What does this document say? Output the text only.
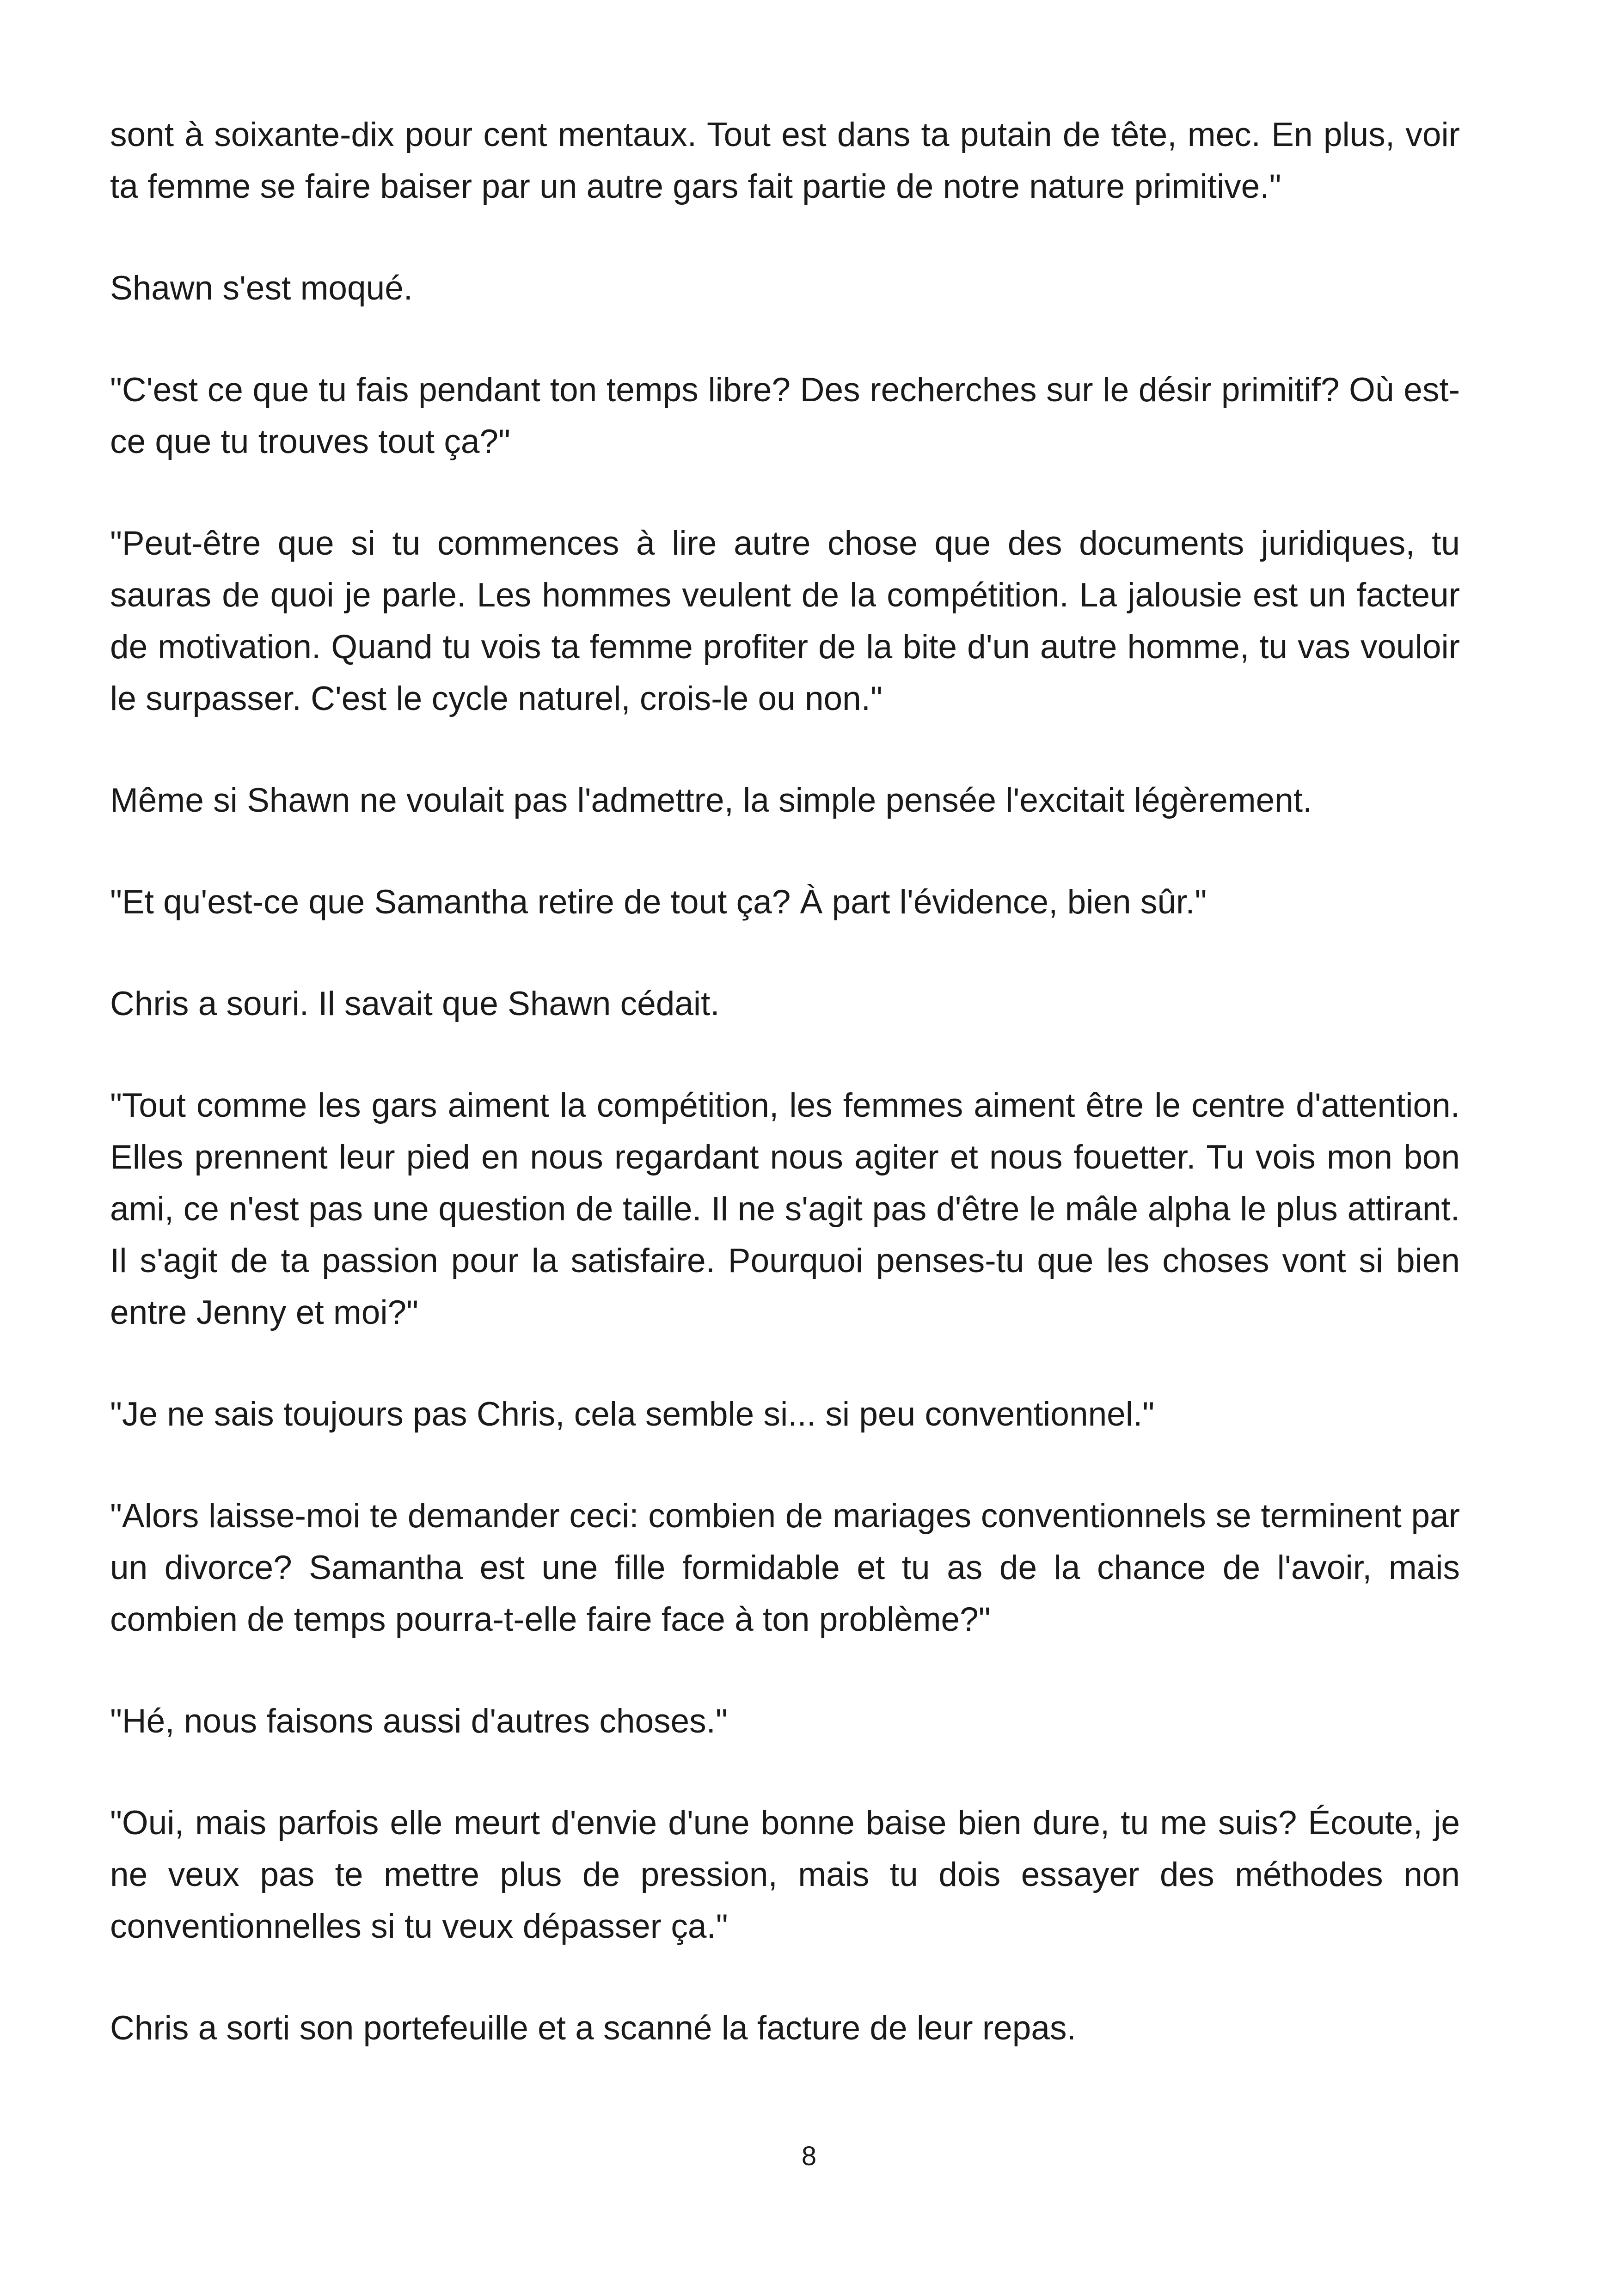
sont à soixante-dix pour cent mentaux. Tout est dans ta putain de tête, mec. En plus, voir ta femme se faire baiser par un autre gars fait partie de notre nature primitive."

Shawn s'est moqué.

"C'est ce que tu fais pendant ton temps libre? Des recherches sur le désir primitif? Où est-ce que tu trouves tout ça?"

"Peut-être que si tu commences à lire autre chose que des documents juridiques, tu sauras de quoi je parle. Les hommes veulent de la compétition. La jalousie est un facteur de motivation. Quand tu vois ta femme profiter de la bite d'un autre homme, tu vas vouloir le surpasser. C'est le cycle naturel, crois-le ou non."

Même si Shawn ne voulait pas l'admettre, la simple pensée l'excitait légèrement.

"Et qu'est-ce que Samantha retire de tout ça? À part l'évidence, bien sûr."

Chris a souri. Il savait que Shawn cédait.

"Tout comme les gars aiment la compétition, les femmes aiment être le centre d'attention. Elles prennent leur pied en nous regardant nous agiter et nous fouetter. Tu vois mon bon ami, ce n'est pas une question de taille. Il ne s'agit pas d'être le mâle alpha le plus attirant. Il s'agit de ta passion pour la satisfaire. Pourquoi penses-tu que les choses vont si bien entre Jenny et moi?"

"Je ne sais toujours pas Chris, cela semble si... si peu conventionnel."

"Alors laisse-moi te demander ceci: combien de mariages conventionnels se terminent par un divorce? Samantha est une fille formidable et tu as de la chance de l'avoir, mais combien de temps pourra-t-elle faire face à ton problème?"

"Hé, nous faisons aussi d'autres choses."

"Oui, mais parfois elle meurt d'envie d'une bonne baise bien dure, tu me suis? Écoute, je ne veux pas te mettre plus de pression, mais tu dois essayer des méthodes non conventionnelles si tu veux dépasser ça."

Chris a sorti son portefeuille et a scanné la facture de leur repas.

8
